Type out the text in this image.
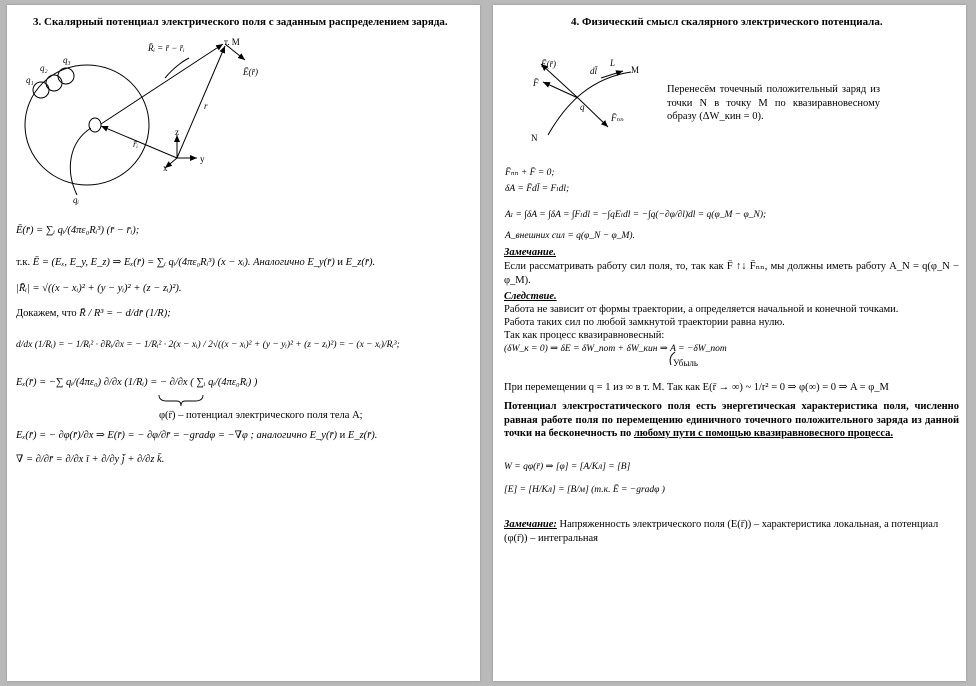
3. Скалярный потенциал электрического поля с заданным распределением заряда.
R̄ᵢ = r̄ − r̄ᵢ
т. M
Ē(r̄)
r
r̄ᵢ
z
y
x
q₁
q₂
q₃
qᵢ
Ē(r̄) = ∑ᵢ qᵢ/(4πε₀Rᵢ³) (r̄ − r̄ᵢ);
т.к. Ē = (Eₓ, E_y, E_z) ⇒ Eₓ(r̄) = ∑ᵢ qᵢ/(4πε₀Rᵢ³) (x − xᵢ). Аналогично E_y(r̄) и E_z(r̄).
|R̄ᵢ| = √((x − xᵢ)² + (y − yᵢ)² + (z − zᵢ)²).
Докажем, что R̄ / R³ = − d/dr̄ (1/R);
d/dx (1/Rᵢ) = − 1/Rᵢ² · ∂Rᵢ/∂x = − 1/Rᵢ² · 2(x − xᵢ) / 2√((x − xᵢ)² + (y − yᵢ)² + (z − zᵢ)²) = − (x − xᵢ)/Rᵢ³;
Eₓ(r̄) = −∑ qᵢ/(4πε₀) ∂/∂x (1/Rᵢ) = − ∂/∂x ( ∑ᵢ qᵢ/(4πε₀Rᵢ) )
φ(r̄) – потенциал электрического поля тела А;
Eₓ(r̄) = − ∂φ(r̄)/∂x ⇒ E(r̄) = − ∂φ/∂r̄ = −gradφ = −∇φ ; аналогично E_y(r̄) и E_z(r̄).
∇ = ∂/∂r̄ = ∂/∂x ī + ∂/∂y j̄ + ∂/∂z k̄.
4. Физический смысл скалярного электрического потенциала.
Ē(r̄)
dl̄
L
M
F̄
q
F̄ₙₙ
N
Перенесём точечный положительный заряд из точки N в точку M по квазиравновесному образу (ΔW_кин = 0).
F̄ₙₙ + F̄ = 0;
δA = F̄dl̄ = Fₗdl;
Aₗ = ∫δA = ∫δA = ∫Fₗdl = −∫qEₗdl = −∫q(−∂φ/∂l)dl = q(φ_M − φ_N);
A_внешних сил = q(φ_N − φ_M).
Замечание.
Если рассматривать работу сил поля, то, так как F̄ ↑↓ F̄ₙₙ, мы должны иметь работу A_N = q(φ_N − φ_M).
Следствие.
Работа не зависит от формы траектории, а определяется начальной и конечной точками.
Работа таких сил по любой замкнутой траектории равна нулю.
Так как процесс квазиравновесный:
(δW_к = 0) ⇒ δE = δW_пот + δW_кин ⇒ A = −δW_пот
Убыль
При перемещении q = 1 из ∞ в т. M. Так как E(r̄ → ∞) ~ 1/r² = 0 ⇒ φ(∞) = 0 ⇒ A = φ_M
Потенциал электростатического поля есть энергетическая характеристика поля, численно равная работе поля по перемещению единичного точечного положительного заряда из данной точки на бесконечность по любому пути с помощью квазиравновесного процесса.
W = qφ(r̄) ⇒ [φ] = [A/Кл] = [В]
[E] = [Н/Кл] = [В/м] (т.к. Ē = −gradφ )
Замечание: Напряженность электрического поля (E(r̄)) – характеристика локальная, а потенциал (φ(r̄)) – интегральная
